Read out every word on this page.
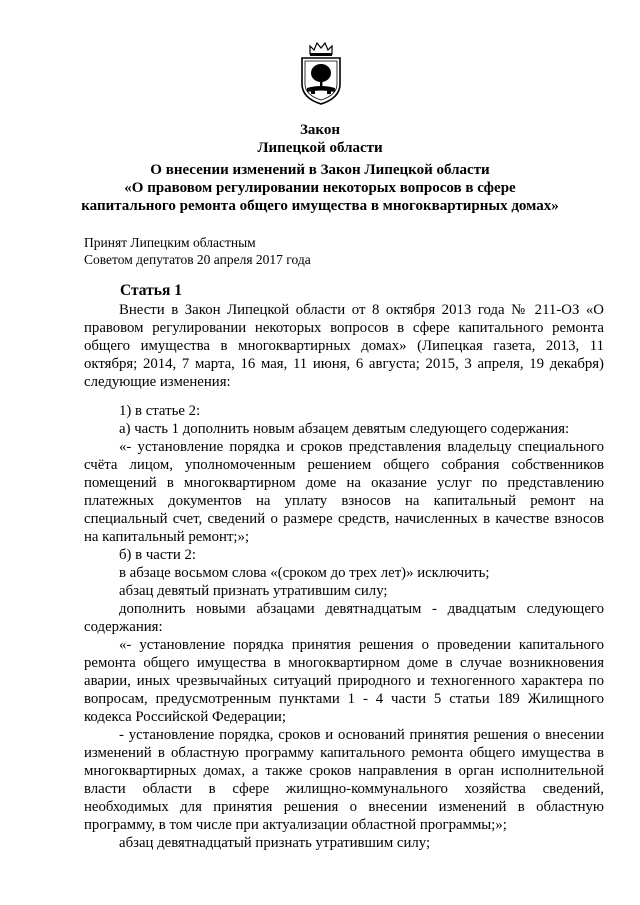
Закон
Липецкой области

О внесении изменений в Закон Липецкой области
«О правовом регулировании некоторых вопросов в сфере
капитального ремонта общего имущества в многоквартирных домах»

Принят Липецким областным
Советом депутатов 20 апреля 2017 года

Статья 1

Внести в Закон Липецкой области от 8 октября 2013 года № 211-ОЗ «О правовом регулировании некоторых вопросов в сфере капитального ремонта общего имущества в многоквартирных домах» (Липецкая газета, 2013, 11 октября; 2014, 7 марта, 16 мая, 11 июня, 6 августа; 2015, 3 апреля, 19 декабря) следующие изменения:

1) в статье 2:

а) часть 1 дополнить новым абзацем девятым следующего содержания:

«- установление порядка и сроков представления владельцу специального счёта лицом, уполномоченным решением общего собрания собственников помещений в многоквартирном доме на оказание услуг по представлению платежных документов на уплату взносов на капитальный ремонт на специальный счет, сведений о размере средств, начисленных в качестве взносов на капитальный ремонт;»;

б) в части 2:

в абзаце восьмом слова «(сроком до трех лет)» исключить;

абзац девятый признать утратившим силу;

дополнить новыми абзацами девятнадцатым - двадцатым следующего содержания:

«- установление порядка принятия решения о проведении капитального ремонта общего имущества в многоквартирном доме в случае возникновения аварии, иных чрезвычайных ситуаций природного и техногенного характера по вопросам, предусмотренным пунктами 1 - 4 части 5 статьи 189 Жилищного кодекса Российской Федерации;

- установление порядка, сроков и оснований принятия решения о внесении изменений в областную программу капитального ремонта общего имущества в многоквартирных домах, а также сроков направления в орган исполнительной власти области в сфере жилищно-коммунального хозяйства сведений, необходимых для принятия решения о внесении изменений в областную программу, в том числе при актуализации областной программы;»;

абзац девятнадцатый признать утратившим силу;
